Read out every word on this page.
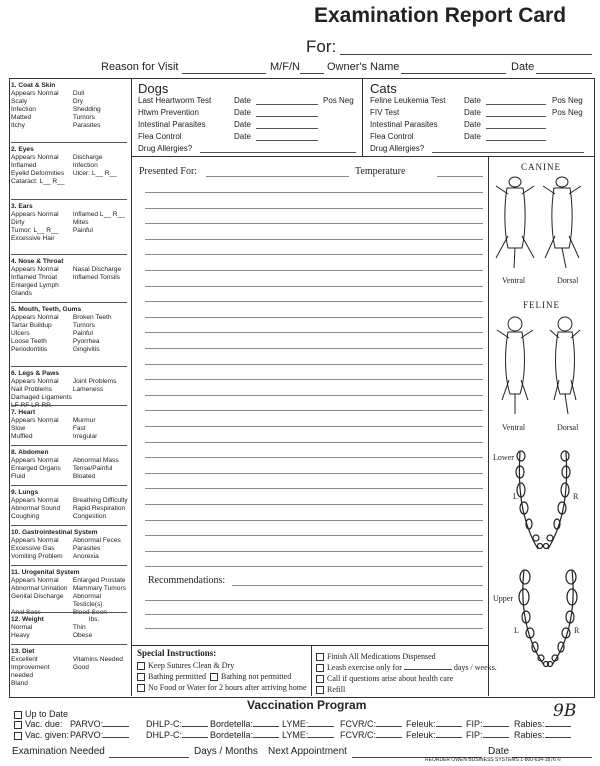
Examination Report Card
For:
Reason for Visit	M/F/N Owner's Name	Date
1. Coat & Skin
Appears Normal	Dull
Scaly	Dry
Infection	Shedding
Matted	Tumors
Itchy	Parasites
2. Eyes
Appears Normal	Discharge
Inflamed	Infection
Eyelid Deformities	Ulcer: L__ R__
Cataract: L__ R__
3. Ears
Appears Normal	Inflamed L__ R__
Dirty	Mites
Tumor: L__ R__	Painful
Excessive Hair
4. Nose & Throat
Appears Normal	Nasal Discharge
Inflamed Throat	Inflamed Tonsils
Enlarged Lymph Glands
5. Mouth, Teeth, Gums
Appears Normal	Broken Teeth
Tartar Buildup	Tumors
Ulcers	Painful
Loose Teeth	Pyorrhea
Periodontitis	Gingivitis
6. Legs & Paws
Appears Normal	Joint Problems
Nail Problems	Lameness
Damaged Ligaments LF RF LR RR
7. Heart
Appears Normal	Murmur
Slow	Fast
Muffled	Irregular
8. Abdomen
Appears Normal	Abnormal Mass
Enlarged Organs	Tense/Painful
Fluid	Bloated
9. Lungs
Appears Normal	Breathing Difficulty
Abnormal Sound	Rapid Respiration
Coughing	Congestion
10. Gastrointestinal System
Appears Normal	Abnormal Feces
Excessive Gas	Parasites
Vomiting Problem	Anorexia
11. Urogenital System
Appears Normal	Enlarged Prostate
Abnormal Urination Mammary Tumors
Genital Discharge	Abnormal Testicle(s)
Anal Sacs	Blood Seen
12. Weight	lbs.
Normal	Thin
Heavy	Obese
13. Diet
Excellent	Vitamins Needed
Improvement needed
Good
Bland
Dogs
Last Heartworm Test	Date	Pos Neg
Htwm Prevention	Date
Intestinal Parasites	Date
Flea Control	Date
Drug Allergies?
Cats
Feline Leukemia Test Date	Pos Neg
FIV Test	Date	Pos Neg
Intestinal Parasites	Date
Flea Control	Date
Drug Allergies?
Presented For:	Temperature
Recommendations:
CANINE
Ventral	Dorsal
FELINE
Ventral	Dorsal
Lower
L	R
Upper
L	R
Special Instructions:
Keep Sutures Clean & Dry
Bathing permitted Bathing not permitted
No Food or Water for 2 hours after arriving home
Finish All Medications Dispensed
Leash exercise only for	days / weeks.
Call if questions arise about health care
Refill
Vaccination Program
Up to Date	9B
Vac. due: PARVO:	DHLP-C:	Bordetella:	LYME:	FCVR/C:	Feleuk:	FIP:	Rabies:
Vac. given: PARVO:	DHLP-C:	Bordetella:	LYME:	FCVR/C:	Feleuk:	FIP:	Rabies:
Examination Needed	Days / Months Next Appointment	Date
REORDER OWEN BUSINESS SYSTEMS 1-800-634-1876 ©
